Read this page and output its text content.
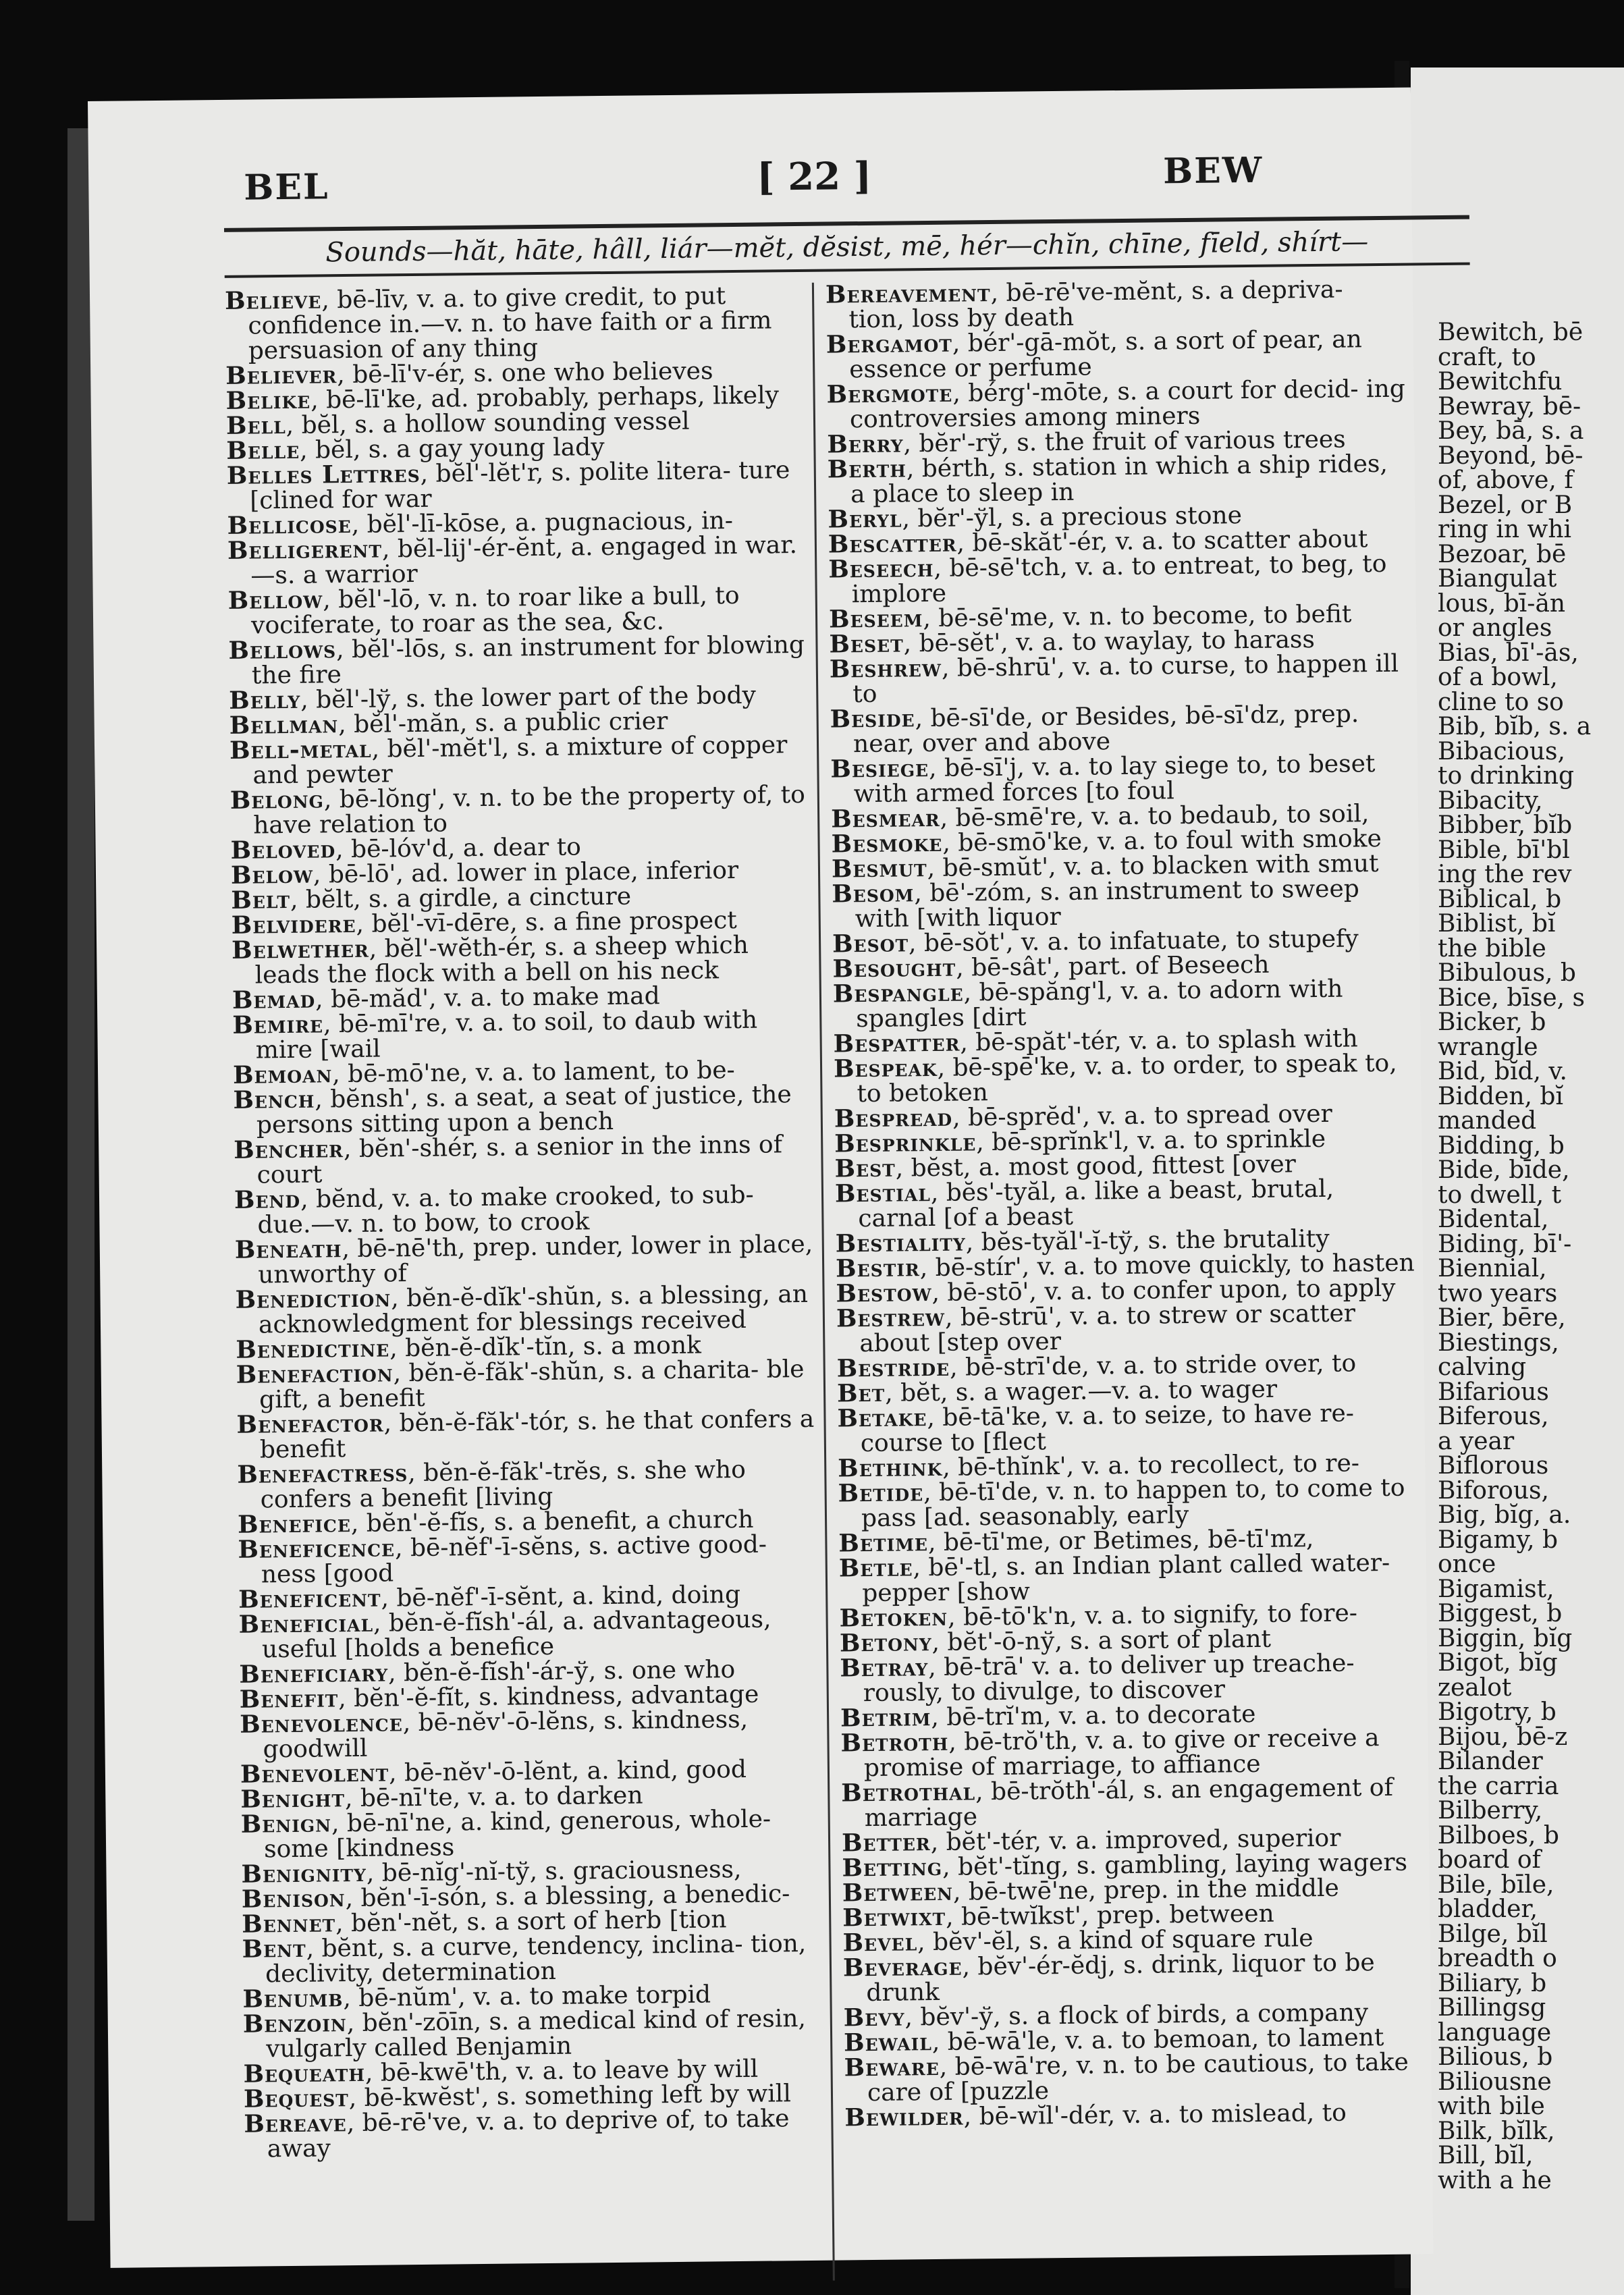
Bewitch, bē
craft, to
Bewitchfu
Bewray, bē-
Bey, bā, s. a
Beyond, bē-
of, above, f
Bezel, or B
ring in whi
Bezoar, bē
Biangulat
lous, bī-ăn
or angles
Bias, bī'-ās,
of a bowl,
cline to so
Bib, bĭb, s. a
Bibacious,
to drinking
Bibacity,
Bibber, bĭb
Bible, bī'bl
ing the rev
Biblical, b
Biblist, bĭ
the bible
Bibulous, b
Bice, bīse, s
Bicker, b
wrangle
Bid, bĭd, v.
Bidden, bĭ
manded
Bidding, b
Bide, bīde,
to dwell, t
Bidental,
Biding, bī'-
Biennial,
two years
Bier, bēre,
Biestings,
calving
Bifarious
Biferous,
a year
Biflorous
Biforous,
Big, bĭg, a.
Bigamy, b
once
Bigamist,
Biggest, b
Biggin, bĭg
Bigot, bĭg
zealot
Bigotry, b
Bijou, bē-z
Bilander
the carria
Bilberry,
Bilboes, b
board of
Bile, bīle,
bladder,
Bilge, bĭl
breadth o
Biliary, b
Billingsg
language
Bilious, b
Biliousne
with bile
Bilk, bĭlk,
Bill, bĭl,
with a he
BEL	[ 22 ]	BEW
Sounds—hăt, hāte, hâll, liár—mĕt, dĕsist, mē, hér—chĭn, chīne, fīeld, shírt—

Believe, bē-līv, v. a. to give credit, to put confidence in.—v. n. to have faith or a firm persuasion of any thing

Believer, bē-lī'v-ér, s. one who believes

Belike, bē-lī'ke, ad. probably, perhaps, likely

Bell, bĕl, s. a hollow sounding vessel

Belle, bĕl, s. a gay young lady

Belles Lettres, bĕl'-lĕt'r, s. polite litera- ture [clined for war

Bellicose, bĕl'-lī-kōse, a. pugnacious, in-

Belligerent, bĕl-lij'-ér-ĕnt, a. engaged in war.—s. a warrior

Bellow, bĕl'-lō, v. n. to roar like a bull, to vociferate, to roar as the sea, &c.

Bellows, bĕl'-lōs, s. an instrument for blowing the fire

Belly, bĕl'-lў, s. the lower part of the body

Bellman, bĕl'-măn, s. a public crier

Bell-metal, bĕl'-mĕt'l, s. a mixture of copper and pewter

Belong, bē-lŏng', v. n. to be the property of, to have relation to

Beloved, bē-lóv'd, a. dear to

Below, bē-lō', ad. lower in place, inferior

Belt, bĕlt, s. a girdle, a cincture

Belvidere, bĕl'-vī-dēre, s. a fine prospect

Belwether, bĕl'-wĕth-ér, s. a sheep which leads the flock with a bell on his neck

Bemad, bē-măd', v. a. to make mad

Bemire, bē-mī're, v. a. to soil, to daub with mire [wail

Bemoan, bē-mō'ne, v. a. to lament, to be-

Bench, bĕnsh', s. a seat, a seat of justice, the persons sitting upon a bench

Bencher, bĕn'-shér, s. a senior in the inns of court

Bend, bĕnd, v. a. to make crooked, to sub- due.—v. n. to bow, to crook

Beneath, bē-nē'th, prep. under, lower in place, unworthy of

Benediction, bĕn-ĕ-dĭk'-shŭn, s. a blessing, an acknowledgment for blessings received

Benedictine, bĕn-ĕ-dĭk'-tĭn, s. a monk

Benefaction, bĕn-ĕ-făk'-shŭn, s. a charita- ble gift, a benefit

Benefactor, bĕn-ĕ-făk'-tór, s. he that confers a benefit

Benefactress, bĕn-ĕ-făk'-trĕs, s. she who confers a benefit [living

Benefice, bĕn'-ĕ-fĭs, s. a benefit, a church

Beneficence, bē-nĕf'-ī-sĕns, s. active good- ness [good

Beneficent, bē-nĕf'-ī-sĕnt, a. kind, doing

Beneficial, bĕn-ĕ-fĭsh'-ál, a. advantageous, useful [holds a benefice

Beneficiary, bĕn-ĕ-fĭsh'-ár-ў, s. one who

Benefit, bĕn'-ĕ-fĭt, s. kindness, advantage

Benevolence, bē-nĕv'-ō-lĕns, s. kindness, goodwill

Benevolent, bē-nĕv'-ō-lĕnt, a. kind, good

Benight, bē-nī'te, v. a. to darken

Benign, bē-nī'ne, a. kind, generous, whole- some [kindness

Benignity, bē-nĭg'-nĭ-tў, s. graciousness,

Benison, bĕn'-ī-són, s. a blessing, a benedic-

Bennet, bĕn'-nĕt, s. a sort of herb [tion

Bent, bĕnt, s. a curve, tendency, inclina- tion, declivity, determination

Benumb, bē-nŭm', v. a. to make torpid

Benzoin, bĕn'-zōīn, s. a medical kind of resin, vulgarly called Benjamin

Bequeath, bē-kwē'th, v. a. to leave by will

Bequest, bē-kwĕst', s. something left by will

Bereave, bē-rē've, v. a. to deprive of, to take away

Bereavement, bē-rē've-mĕnt, s. a depriva- tion, loss by death

Bergamot, bér'-gā-mŏt, s. a sort of pear, an essence or perfume

Bergmote, bérg'-mōte, s. a court for decid- ing controversies among miners

Berry, bĕr'-rў, s. the fruit of various trees

Berth, bérth, s. station in which a ship rides, a place to sleep in

Beryl, bĕr'-ўl, s. a precious stone

Bescatter, bē-skăt'-ér, v. a. to scatter about

Beseech, bē-sē'tch, v. a. to entreat, to beg, to implore

Beseem, bē-sē'me, v. n. to become, to befit

Beset, bē-sĕt', v. a. to waylay, to harass

Beshrew, bē-shrū', v. a. to curse, to happen ill to

Beside, bē-sī'de, or Besides, bē-sī'dz, prep. near, over and above

Besiege, bē-sī'j, v. a. to lay siege to, to beset with armed forces [to foul

Besmear, bē-smē're, v. a. to bedaub, to soil,

Besmoke, bē-smō'ke, v. a. to foul with smoke

Besmut, bē-smŭt', v. a. to blacken with smut

Besom, bē'-zóm, s. an instrument to sweep with [with liquor

Besot, bē-sŏt', v. a. to infatuate, to stupefy

Besought, bē-sât', part. of Beseech

Bespangle, bē-spăng'l, v. a. to adorn with spangles [dirt

Bespatter, bē-spăt'-tér, v. a. to splash with

Bespeak, bē-spē'ke, v. a. to order, to speak to, to betoken

Bespread, bē-sprĕd', v. a. to spread over

Besprinkle, bē-sprĭnk'l, v. a. to sprinkle

Best, bĕst, a. most good, fittest [over

Bestial, bĕs'-tyăl, a. like a beast, brutal, carnal [of a beast

Bestiality, bĕs-tyăl'-ĭ-tў, s. the brutality

Bestir, bē-stír', v. a. to move quickly, to hasten

Bestow, bē-stō', v. a. to confer upon, to apply

Bestrew, bē-strū', v. a. to strew or scatter about [step over

Bestride, bē-strī'de, v. a. to stride over, to

Bet, bĕt, s. a wager.—v. a. to wager

Betake, bē-tā'ke, v. a. to seize, to have re- course to [flect

Bethink, bē-thĭnk', v. a. to recollect, to re-

Betide, bē-tī'de, v. n. to happen to, to come to pass [ad. seasonably, early

Betime, bē-tī'me, or Betimes, bē-tī'mz,

Betle, bē'-tl, s. an Indian plant called water- pepper [show

Betoken, bē-tō'k'n, v. a. to signify, to fore-

Betony, bĕt'-ō-nў, s. a sort of plant

Betray, bē-trā' v. a. to deliver up treache- rously, to divulge, to discover

Betrim, bē-trĭ'm, v. a. to decorate

Betroth, bē-trŏ'th, v. a. to give or receive a promise of marriage, to affiance

Betrothal, bē-trŏth'-ál, s. an engagement of marriage

Better, bĕt'-tér, v. a. improved, superior

Betting, bĕt'-tĭng, s. gambling, laying wagers

Between, bē-twē'ne, prep. in the middle

Betwixt, bē-twĭkst', prep. between

Bevel, bĕv'-ĕl, s. a kind of square rule

Beverage, bĕv'-ér-ĕdj, s. drink, liquor to be drunk

Bevy, bĕv'-ў, s. a flock of birds, a company

Bewail, bē-wā'le, v. a. to bemoan, to lament

Beware, bē-wā're, v. n. to be cautious, to take care of [puzzle

Bewilder, bē-wĭl'-dér, v. a. to mislead, to
